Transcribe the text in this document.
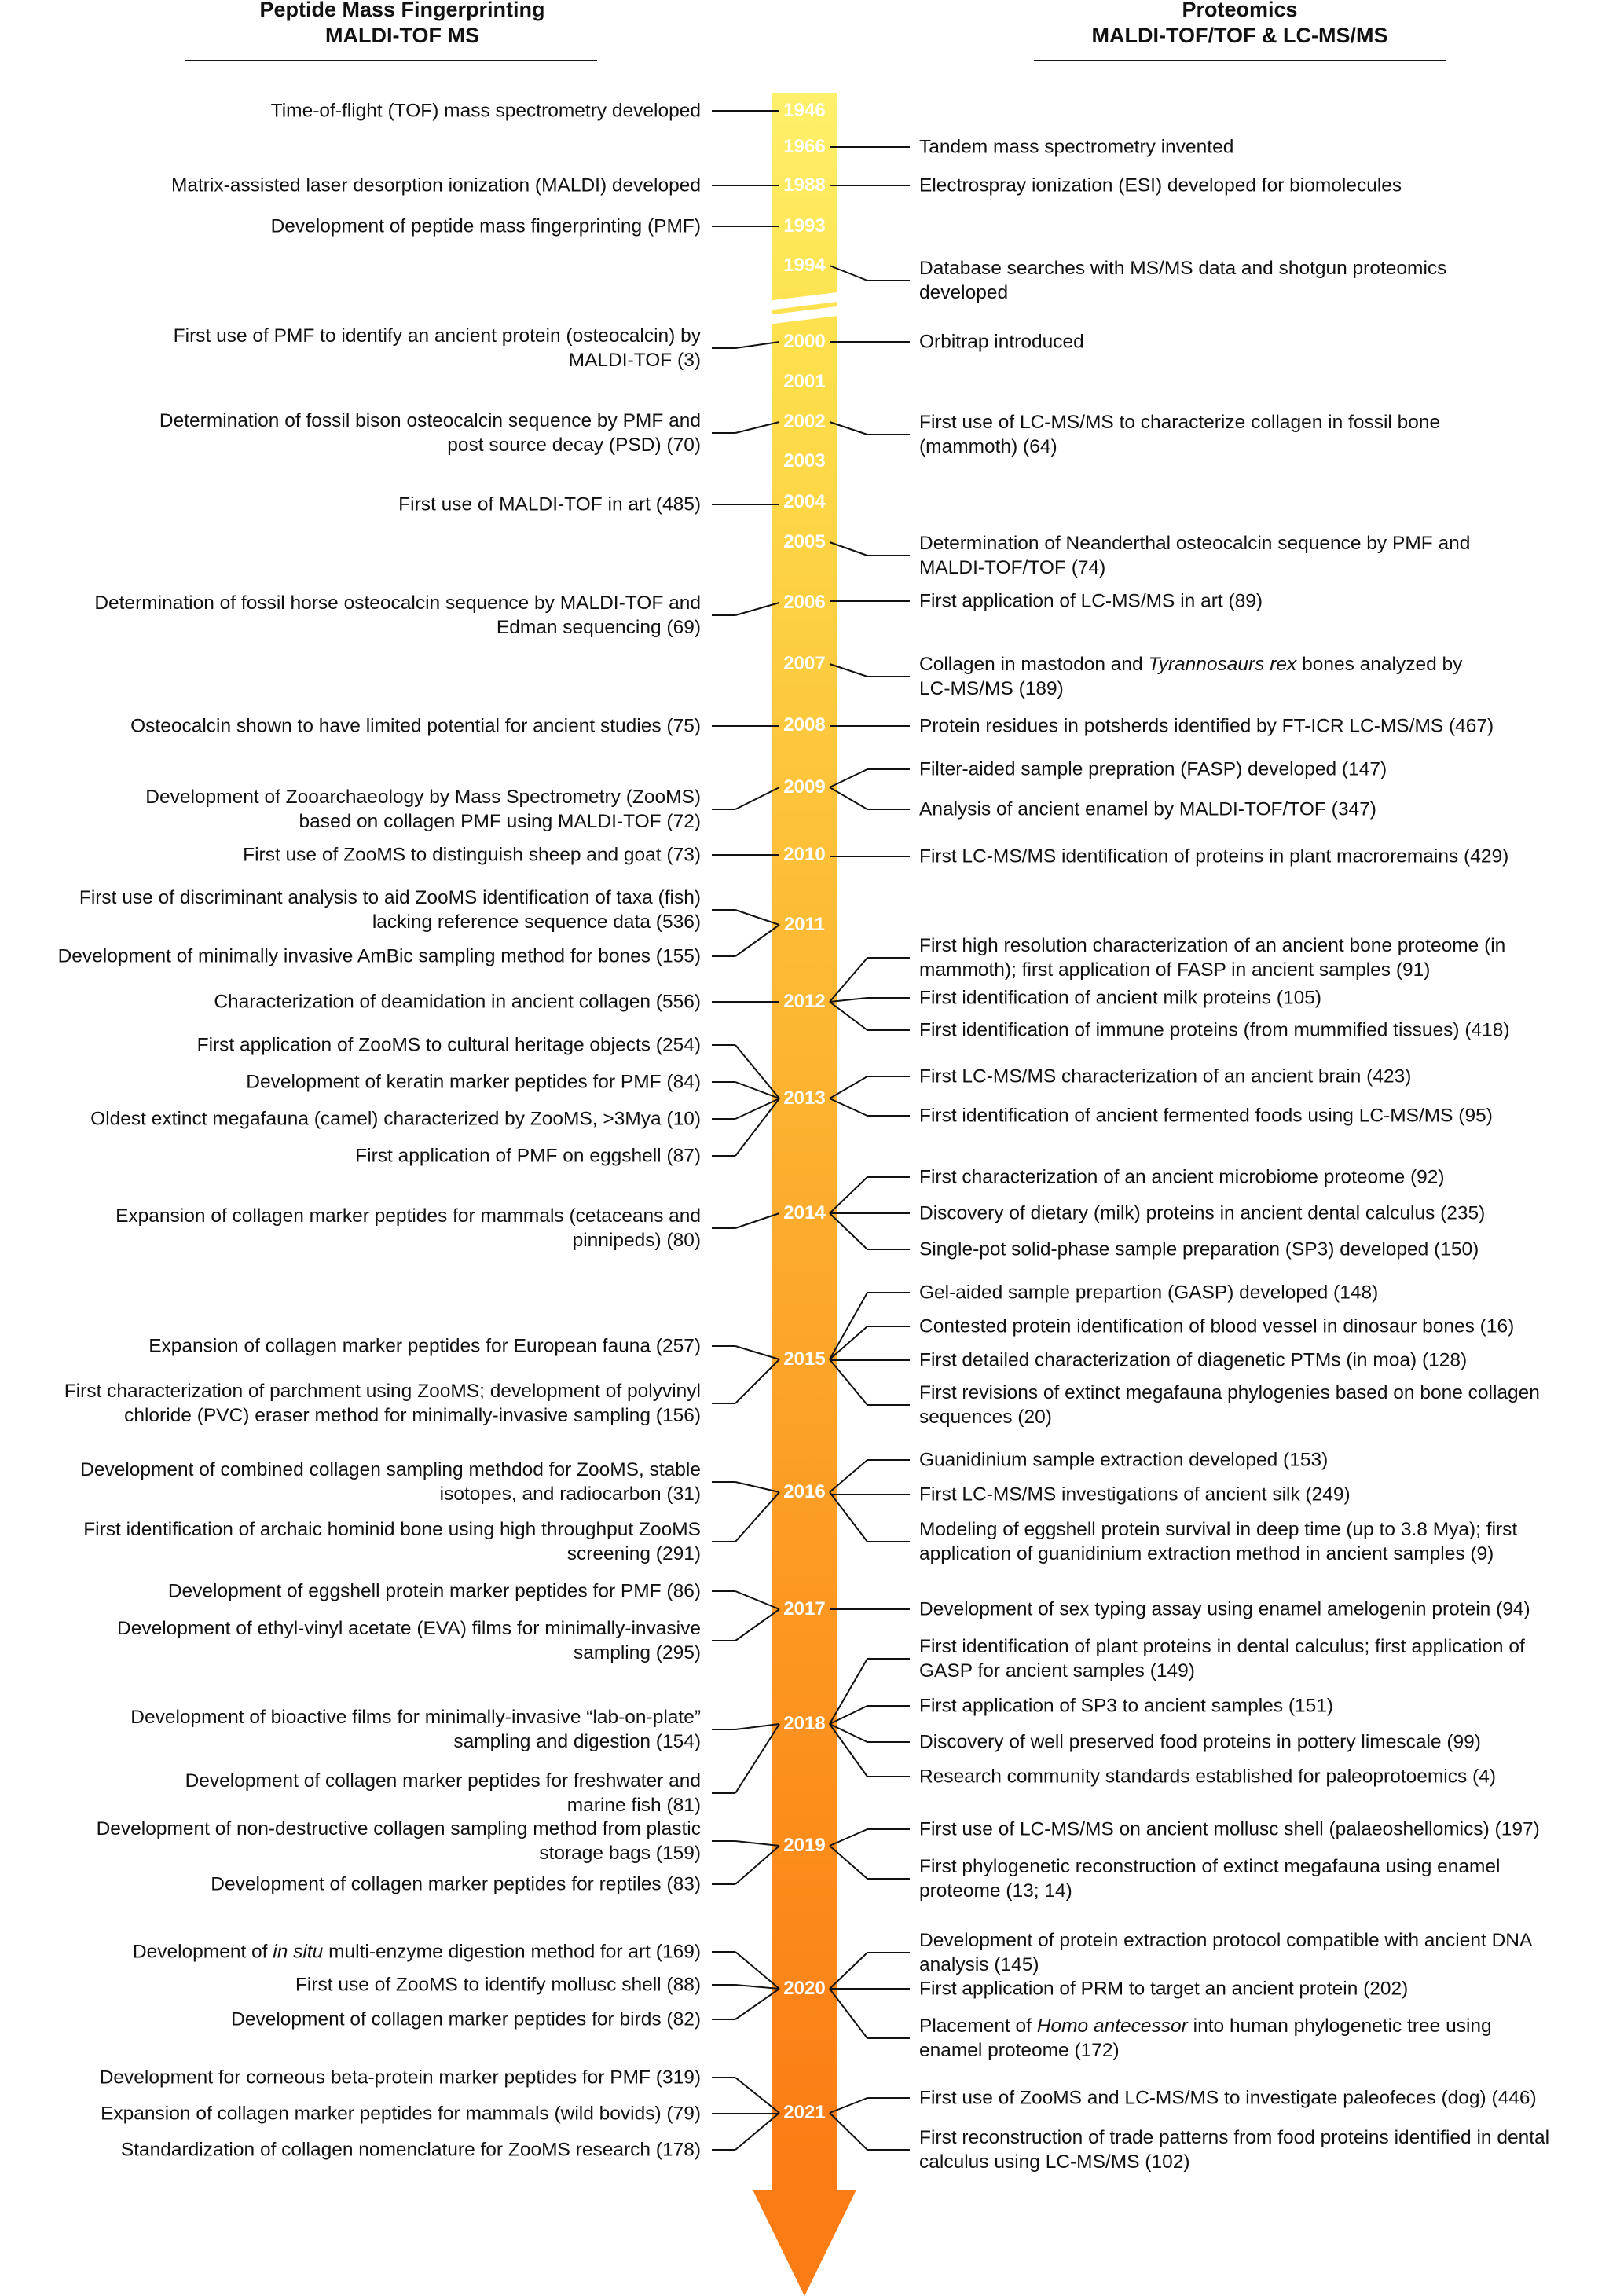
Peptide Mass Fingerprinting
MALDI-TOF MS
Proteomics
MALDI-TOF/TOF & LC-MS/MS
1946
1966
1988
1993
1994
2000
2001
2002
2003
2004
2005
2006
2007
2008
2009
2010
2011
2012
2013
2014
2015
2016
2017
2018
2019
2020
2021
Time-of-flight (TOF) mass spectrometry developed
Matrix-assisted laser desorption ionization (MALDI) developed
Development of peptide mass fingerprinting (PMF)
First use of PMF to identify an ancient protein (osteocalcin) by
MALDI-TOF (3)
Determination of fossil bison osteocalcin sequence by PMF and
post source decay (PSD) (70)
First use of MALDI-TOF in art (485)
Determination of fossil horse osteocalcin sequence by MALDI-TOF and
Edman sequencing (69)
Osteocalcin shown to have limited potential for ancient studies (75)
Development of Zooarchaeology by Mass Spectrometry (ZooMS)
based on collagen PMF using MALDI-TOF (72)
First use of ZooMS to distinguish sheep and goat (73)
First use of discriminant analysis to aid ZooMS identification of taxa (fish)
lacking reference sequence data (536)
Development of minimally invasive AmBic sampling method for bones (155)
Characterization of deamidation in ancient collagen (556)
First application of ZooMS to cultural heritage objects (254)
Development of keratin marker peptides for PMF (84)
Oldest extinct megafauna (camel) characterized by ZooMS, >3Mya (10)
First application of PMF on eggshell (87)
Expansion of collagen marker peptides for mammals (cetaceans and
pinnipeds) (80)
Expansion of collagen marker peptides for European fauna (257)
First characterization of parchment using ZooMS; development of polyvinyl
chloride (PVC) eraser method for minimally-invasive sampling (156)
Development of combined collagen sampling methdod for ZooMS, stable
isotopes, and radiocarbon (31)
First identification of archaic hominid bone using high throughput ZooMS
screening (291)
Development of eggshell protein marker peptides for PMF (86)
Development of ethyl-vinyl acetate (EVA) films for minimally-invasive
sampling (295)
Development of bioactive films for minimally-invasive “lab-on-plate”
sampling and digestion (154)
Development of collagen marker peptides for freshwater and
marine fish (81)
Development of non-destructive collagen sampling method from plastic
storage bags (159)
Development of collagen marker peptides for reptiles (83)
Development of in situ multi-enzyme digestion method for art (169)
First use of ZooMS to identify mollusc shell (88)
Development of collagen marker peptides for birds (82)
Development for corneous beta-protein marker peptides for PMF (319)
Expansion of collagen marker peptides for mammals (wild bovids) (79)
Standardization of collagen nomenclature for ZooMS research (178)
Tandem mass spectrometry invented
Electrospray ionization (ESI) developed for biomolecules
Database searches with MS/MS data and shotgun proteomics
developed
Orbitrap introduced
First use of LC-MS/MS to characterize collagen in fossil bone
(mammoth) (64)
Determination of Neanderthal osteocalcin sequence by PMF and
MALDI-TOF/TOF (74)
First application of LC-MS/MS in art (89)
Collagen in mastodon and Tyrannosaurs rex bones analyzed by
LC-MS/MS (189)
Protein residues in potsherds identified by FT-ICR LC-MS/MS (467)
Filter-aided sample prepration (FASP) developed (147)
Analysis of ancient enamel by MALDI-TOF/TOF (347)
First LC-MS/MS identification of proteins in plant macroremains (429)
First high resolution characterization of an ancient bone proteome (in
mammoth); first application of FASP in ancient samples (91)
First identification of ancient milk proteins (105)
First identification of immune proteins (from mummified tissues) (418)
First LC-MS/MS characterization of an ancient brain (423)
First identification of ancient fermented foods using LC-MS/MS (95)
First characterization of an ancient microbiome proteome (92)
Discovery of dietary (milk) proteins in ancient dental calculus (235)
Single-pot solid-phase sample preparation (SP3) developed (150)
Gel-aided sample prepartion (GASP) developed (148)
Contested protein identification of blood vessel in dinosaur bones (16)
First detailed characterization of diagenetic PTMs (in moa) (128)
First revisions of extinct megafauna phylogenies based on bone collagen
sequences (20)
Guanidinium sample extraction developed (153)
First LC-MS/MS investigations of ancient silk (249)
Modeling of eggshell protein survival in deep time (up to 3.8 Mya); first
application of guanidinium extraction method in ancient samples (9)
Development of sex typing assay using enamel amelogenin protein (94)
First identification of plant proteins in dental calculus; first application of
GASP for ancient samples (149)
First application of SP3 to ancient samples (151)
Discovery of well preserved food proteins in pottery limescale (99)
Research community standards established for paleoprotoemics (4)
First use of LC-MS/MS on ancient mollusc shell (palaeoshellomics) (197)
First phylogenetic reconstruction of extinct megafauna using enamel
proteome (13; 14)
Development of protein extraction protocol compatible with ancient DNA
analysis (145)
First application of PRM to target an ancient protein (202)
Placement of Homo antecessor into human phylogenetic tree using
enamel proteome (172)
First use of ZooMS and LC-MS/MS to investigate paleofeces (dog) (446)
First reconstruction of trade patterns from food proteins identified in dental
calculus using LC-MS/MS (102)
